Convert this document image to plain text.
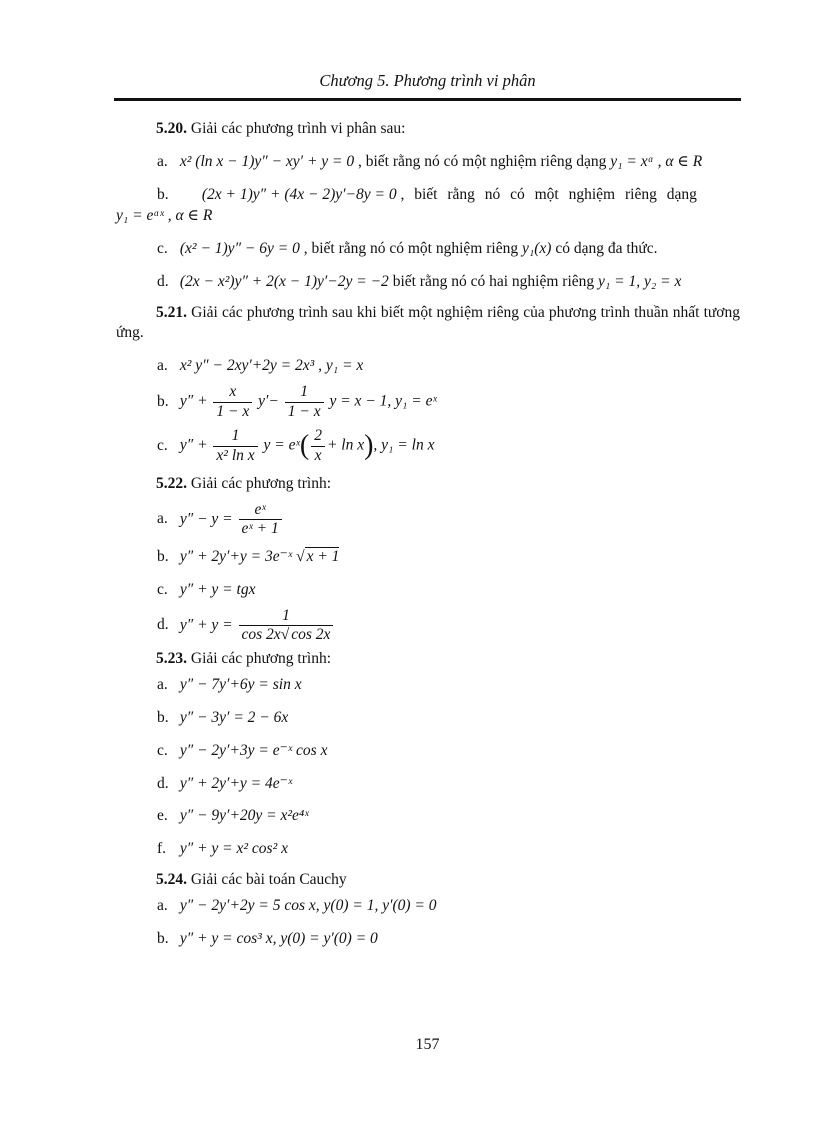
Chương 5. Phương trình vi phân
5.20. Giải các phương trình vi phân sau:
a. x² (ln x − 1)y″ − xy′ + y = 0 , biết rằng nó có một nghiệm riêng dạng y₁ = xᵅ , α ∈ R
b. (2x + 1)y″ + (4x − 2)y′−8y = 0 , biết rằng nó có một nghiệm riêng dạng
y₁ = eᵅˣ , α ∈ R
c. (x² − 1)y″ − 6y = 0 , biết rằng nó có một nghiệm riêng y₁(x) có dạng đa thức.
d. (2x − x²)y″ + 2(x − 1)y′−2y = −2 biết rằng nó có hai nghiệm riêng y₁ = 1, y₂ = x
5.21. Giải các phương trình sau khi biết một nghiệm riêng của phương trình thuần nhất tương ứng.
a. x² y″ − 2xy′+2y = 2x³ , y₁ = x
b. $y'' + \frac{x}{1 - x} y'- \frac{1}{1 - x}$ y = x − 1, y₁ = eˣ
c. $y'' + \frac{1}{\text{x² ln x}}$ y = eˣ( $\frac{2}{x} + \ln x$), y₁ = ln x
5.22. Giải các phương trình:
a. $y'' - y = \frac{\text{eˣ}}{\text{eˣ + 1}}$
b. y″ + 2y′+y = 3e⁻ˣ √ x + 1
c. y″ + y = tgx
d. $y'' + y = \frac{1}{\cos 2x√ \cos 2x}$
5.23. Giải các phương trình:
a. y″ − 7y′+6y = sin x
b. y″ − 3y′ = 2 − 6x
c. y″ − 2y′+3y = e⁻ˣ cos x
d. y″ + 2y′+y = 4e⁻ˣ
e. y″ − 9y′+20y = x²e⁴ˣ
f. y″ + y = x² cos² x
5.24. Giải các bài toán Cauchy
a. y″ − 2y′+2y = 5 cos x, y(0) = 1, y′(0) = 0
b. y″ + y = cos³ x, y(0) = y′(0) = 0
157
